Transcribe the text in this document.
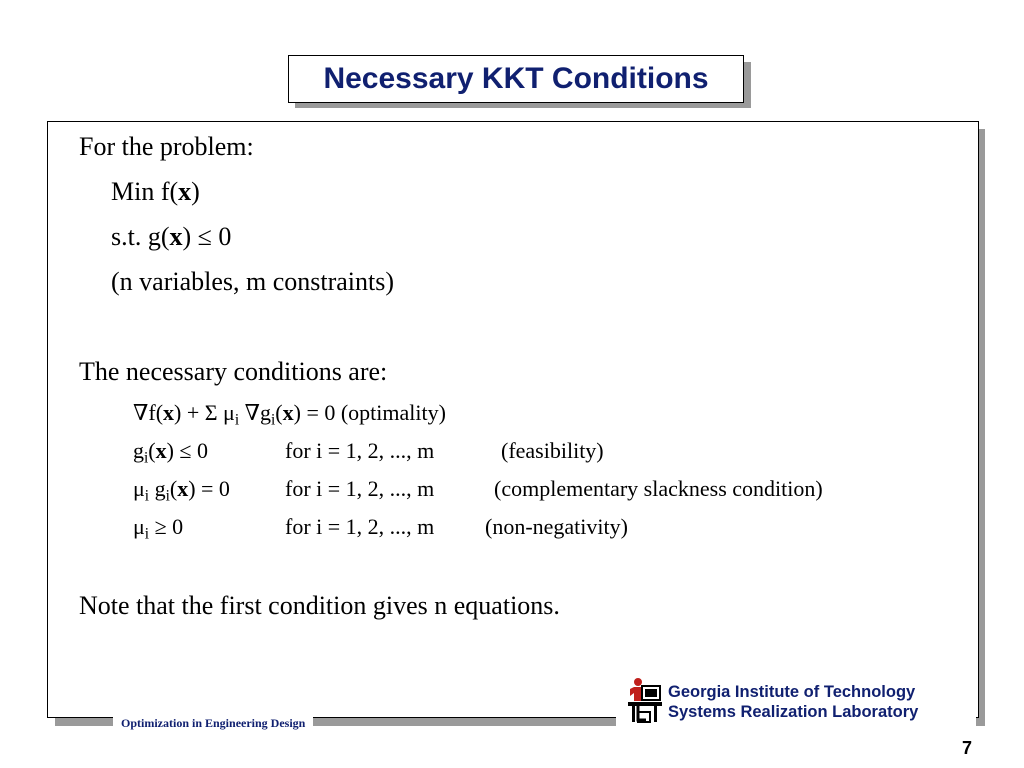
Necessary KKT Conditions
For the problem:
Min f(x)
s.t. g(x) ≤ 0
(n variables, m constraints)
The necessary conditions are:
∇f(x) + Σ $\mu_i$ $\nabla g_i(x) = 0$ (optimality)
$g_i(x) \le 0$	for i = 1, 2, ..., m	(feasibility)
$\mu_i$ $g_i(x) = 0$	for i = 1, 2, ..., m	(complementary slackness condition)
$\mu_i \ge 0$	for i = 1, 2, ..., m (non-negativity)
Note that the first condition gives n equations.
Optimization in Engineering Design
Georgia Institute of Technology
Systems Realization Laboratory
7
